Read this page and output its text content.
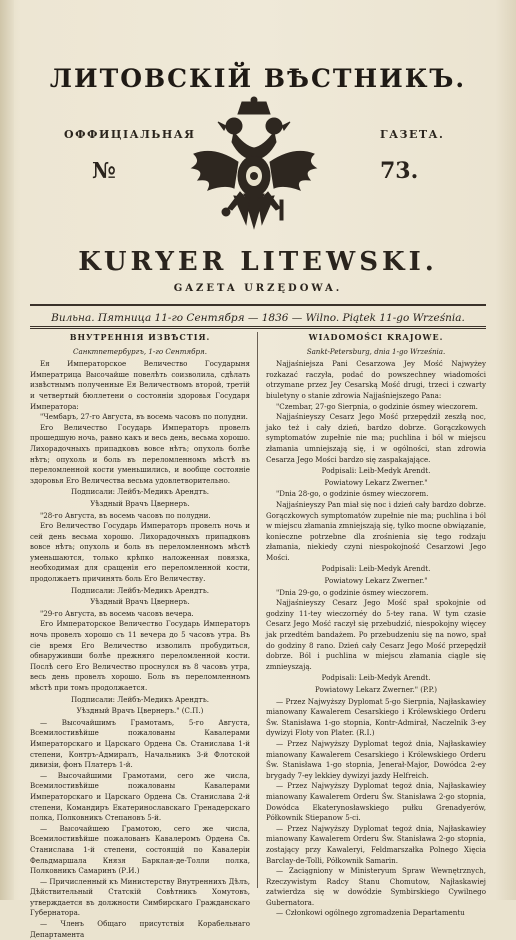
ЛИТОВСКІЙ ВѢСТНИКЪ.
ОФФИЦІАЛЬНАЯ	ГАЗЕТА.
№	73.
KURYER LITEWSKI.
GAZETA URZĘDOWA.
Вильна. Пятница 11-го Сентября — 1836 — Wilno. Piątek 11-go Września.
ВНУТРЕННІЯ ИЗВѢСТІЯ.

Санктпетербургъ, 1-го Сентября.

Ея Императорское Величество Государыня Императрица Высочайше повелѣть соизволила, сдѣлать извѣстнымъ полученные Ея Величествомъ второй, третій и четвертый бюллетени о состояніи здоровья Государя Императора:

"Чембаръ, 27-го Августа, въ восемь часовъ по полудни.

Его Величество Государь Императоръ провелъ прошедшую ночь, равно какъ и весь день, весьма хорошо. Лихорадочныхъ припадковъ вовсе нѣтъ; опухоль болѣе нѣтъ; опухоль и боль въ переломленномъ мѣстѣ въ переломленной кости уменьшились, и вообще состояніе здоровья Его Величества весьма удовлетворительно.

Подписали: Лейбъ-Медикъ Арендтъ.

Уѣздный Врачъ Цвернеръ.

"28-го Августа, въ восемь часовъ по полудни.

Его Величество Государь Императоръ провелъ ночь и сей день весьма хорошо. Лихорадочныхъ припадковъ вовсе нѣтъ; опухоль и боль въ переломленномъ мѣстѣ уменьшаются, только крѣпко наложенная повязка, необходимая для сращенія его переломленной кости, продолжаетъ причинять боль Его Величеству.

Подписали: Лейбъ-Медикъ Арендтъ.

Уѣздный Врачъ Цвернеръ.

"29-го Августа, въ восемь часовъ вечера.

Его Императорское Величество Государь Императоръ ночь провелъ хорошо съ 11 вечера до 5 часовъ утра. Въ сіе время Его Величество изволилъ пробудиться, обнаруживши болѣе прежняго переломленной кости. Послѣ сего Его Величество проснулся въ 8 часовъ утра, весь день провелъ хорошо. Боль въ переломленномъ мѣстѣ при томъ продолжается.

Подписали: Лейбъ-Медикъ Арендтъ.

Уѣздный Врачъ Цвернеръ." (С.П.)

— Высочайшимъ Грамотамъ, 5-го Августа, Всемилостивѣйше пожалованы Кавалерами Императорскаго и Царскаго Ордена Св. Станислава 1-й степени, Контръ-Адмиралъ, Начальникъ 3-й Флотской дивизіи, фонъ Платеръ 1-й.

— Высочайшими Грамотами, сего же числа, Всемилостивѣйше пожалованы Кавалерами Императорскаго и Царскаго Ордена Св. Станислава 2-й степени, Командиръ Екатеринославскаго Гренадерскаго полка, Полковникъ Степановъ 5-й.

— Высочайшею Грамотою, сего же числа, Всемилостивѣйше пожалованъ Кавалеромъ Ордена Св. Станислава 1-й степени, состоящій по Кавалеріи Фельдмаршала Князя Барклая-де-Толли полка, Полковникъ Самаринъ (Р.И.)

— Причисленный къ Министерству Внутреннихъ Дѣлъ, Дѣйствительный Статскій Совѣтникъ Хомутовъ, утверждается въ должности Симбирскаго Гражданскаго Губернатора.

— Членъ Общаго присутствія Корабельнаго Департамента

WIADOMOŚCI KRAJOWE.

Sankt-Petersburg, dnia 1-go Września.

Najjaśniejsza Pani Cesarzowa Jey Mość Najwyżey rozkazać raczyła, podać do powszechney wiadomości otrzymane przez Jey Cesarską Mość drugi, trzeci i czwarty biuletyny o stanie zdrowia Najjaśniejszego Pana:

"Czembar, 27-go Sierpnia, o godzinie ósmey wieczorem.

Najjaśnieyszy Cesarz Jego Mość przepędził zeszłą noc, jako też i cały dzień, bardzo dobrze. Gorączkowych symptomatów zupełnie nie ma; puchlina i ból w miejscu złamania umniejszają się, i w ogólności, stan zdrowia Cesarza Jego Mości bardzo się zaspakajające.

Podpisali: Leib-Medyk Arendt.

Powiatowy Lekarz Zwerner."

"Dnia 28-go, o godzinie ósmey wieczorem.

Najjaśnieyszy Pan miał się noc i dzień cały bardzo dobrze. Gorączkowych symptomatów zupełnie nie ma; puchlina i ból w miejscu złamania zmniejszają się, tylko mocne obwiązanie, konieczne potrzebne dla zrośnienia się tego rodzaju złamania, niekiedy czyni niespokojność Cesarzowi Jego Mości.

Podpisali: Leib-Medyk Arendt.

Powiatowy Lekarz Zwerner."

"Dnia 29-go, o godzinie ósmey wieczorem.

Najjaśnieyszy Cesarz Jego Mość spał spokojnie od godziny 11-tey wieczornéy do 5-tey rana. W tym czasie Cesarz Jego Mość raczył się przebudzić, niespokojny więcey jak przedtém bandażem. Po przebudzeniu się na nowo, spał do godziny 8 rano. Dzień cały Cesarz Jego Mość przepędził dobrze. Ból i puchlina w miejscu złamania ciągle się zmnieyszają.

Podpisali: Leib-Medyk Arendt.

Powiatowy Lekarz Zwerner." (P.P.)

— Przez Najwyższy Dyplomat 5-go Sierpnia, Najłaskawiey mianowany Kawalerem Cesarskiego i Królewskiego Orderu Św. Stanisława 1-go stopnia, Kontr-Admirał, Naczelnik 3-ey dywizyi Floty von Plater. (R.I.)

— Przez Najwyższy Dyplomat tegoż dnia, Najłaskawiey mianowany Kawalerem Cesarskiego i Królewskiego Orderu Św. Stanisława 1-go stopnia, Jenerał-Major, Dowódca 2-ey brygady 7-ey lekkiey dywizyi jazdy Helfreich.

— Przez Najwyższy Dyplomat tegoż dnia, Najłaskawiey mianowany Kawalerem Orderu Św. Stanisława 2-go stopnia, Dowódca Ekaterynosławskiego pułku Grenadyerów, Półkownik Stiepanow 5-ci.

— Przez Najwyższy Dyplomat tegoż dnia, Najłaskawiey mianowany Kawalerem Orderu Św. Stanisława 2-go stopnia, zostający przy Kawaleryi, Feldmarszałka Polnego Xięcia Barclay-de-Tolli, Półkownik Samarin.

— Zaciągniony w Ministeryum Spraw Wewnętrznych, Rzeczywistym Radcy Stanu Chomutow, Najłaskawiej zatwierdza się w dowódzie Symbirskiego Cywilnego Gubernatora.

— Członkowi ogólnego zgromadzenia Departamentu
